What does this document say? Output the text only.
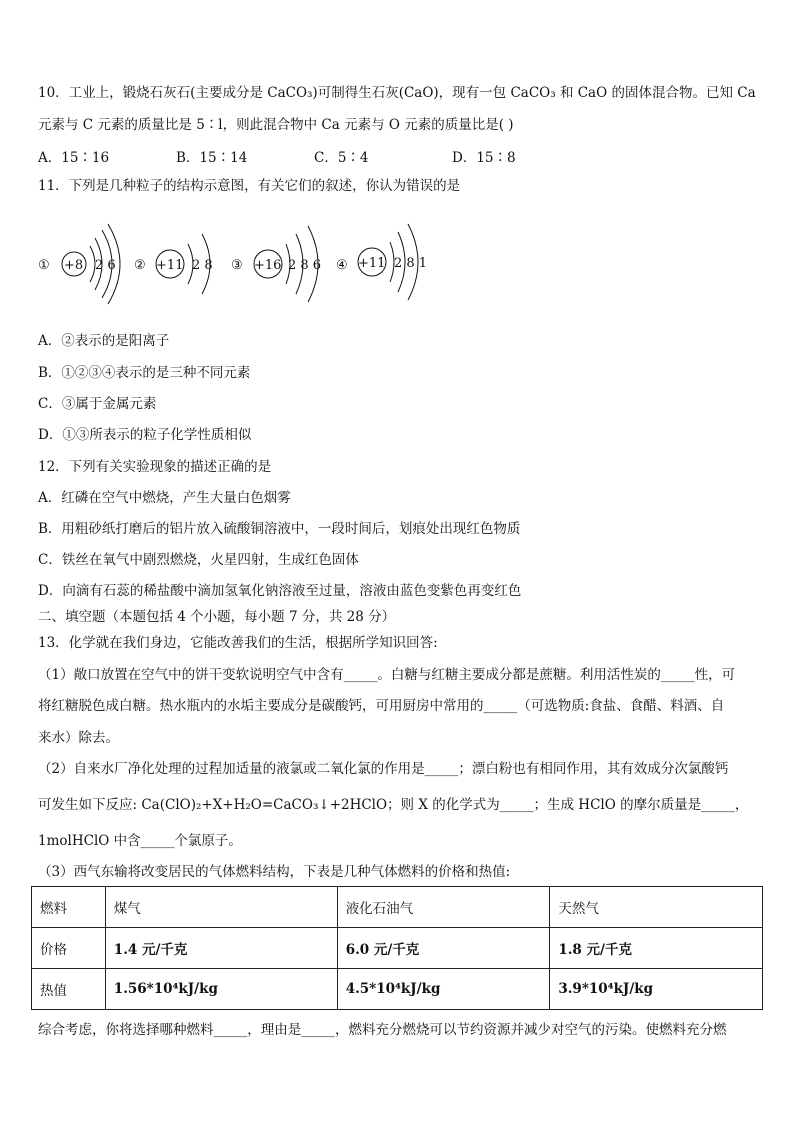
10．工业上，锻烧石灰石(主要成分是 CaCO₃)可制得生石灰(CaO)，现有一包 CaCO₃ 和 CaO 的固体混合物。已知 Ca
元素与 C 元素的质量比是 5∶l，则此混合物中 Ca 元素与 O 元素的质量比是( )
A．15∶16	B．15∶14	C．5∶4	D．15∶8
11．下列是几种粒子的结构示意图，有关它们的叙述，你认为错误的是
① +8 2 6 ② +11 2 8 ③ +16 2 8 6 ④ +11 2 8 1
A．②表示的是阳离子
B．①②③④表示的是三种不同元素
C．③属于金属元素
D．①③所表示的粒子化学性质相似
12．下列有关实验现象的描述正确的是
A．红磷在空气中燃烧，产生大量白色烟雾
B．用粗砂纸打磨后的铝片放入硫酸铜溶液中，一段时间后，划痕处出现红色物质
C．铁丝在氧气中剧烈燃烧，火星四射，生成红色固体
D．向滴有石蕊的稀盐酸中滴加氢氧化钠溶液至过量，溶液由蓝色变紫色再变红色
二、填空题（本题包括 4 个小题，每小题 7 分，共 28 分）
13．化学就在我们身边，它能改善我们的生活，根据所学知识回答:
（1）敞口放置在空气中的饼干变软说明空气中含有_____。白糖与红糖主要成分都是蔗糖。利用活性炭的_____性，可
将红糖脱色成白糖。热水瓶内的水垢主要成分是碳酸钙，可用厨房中常用的_____（可选物质:食盐、食醋、料酒、自
来水）除去。
（2）自来水厂净化处理的过程加适量的液氯或二氧化氯的作用是_____；漂白粉也有相同作用，其有效成分次氯酸钙
可发生如下反应: Ca(ClO)₂+X+H₂O=CaCO₃↓+2HClO；则 X 的化学式为_____；生成 HClO 的摩尔质量是_____，
1molHClO 中含_____个氯原子。
（3）西气东输将改变居民的气体燃料结构，下表是几种气体燃料的价格和热值:
燃料	煤气	液化石油气	天然气
价格	1.4 元/千克	6.0 元/千克	1.8 元/千克
热值	1.56*10⁴kJ/kg	4.5*10⁴kJ/kg	3.9*10⁴kJ/kg
综合考虑，你将选择哪种燃料_____，理由是_____，燃料充分燃烧可以节约资源并减少对空气的污染。使燃料充分燃
